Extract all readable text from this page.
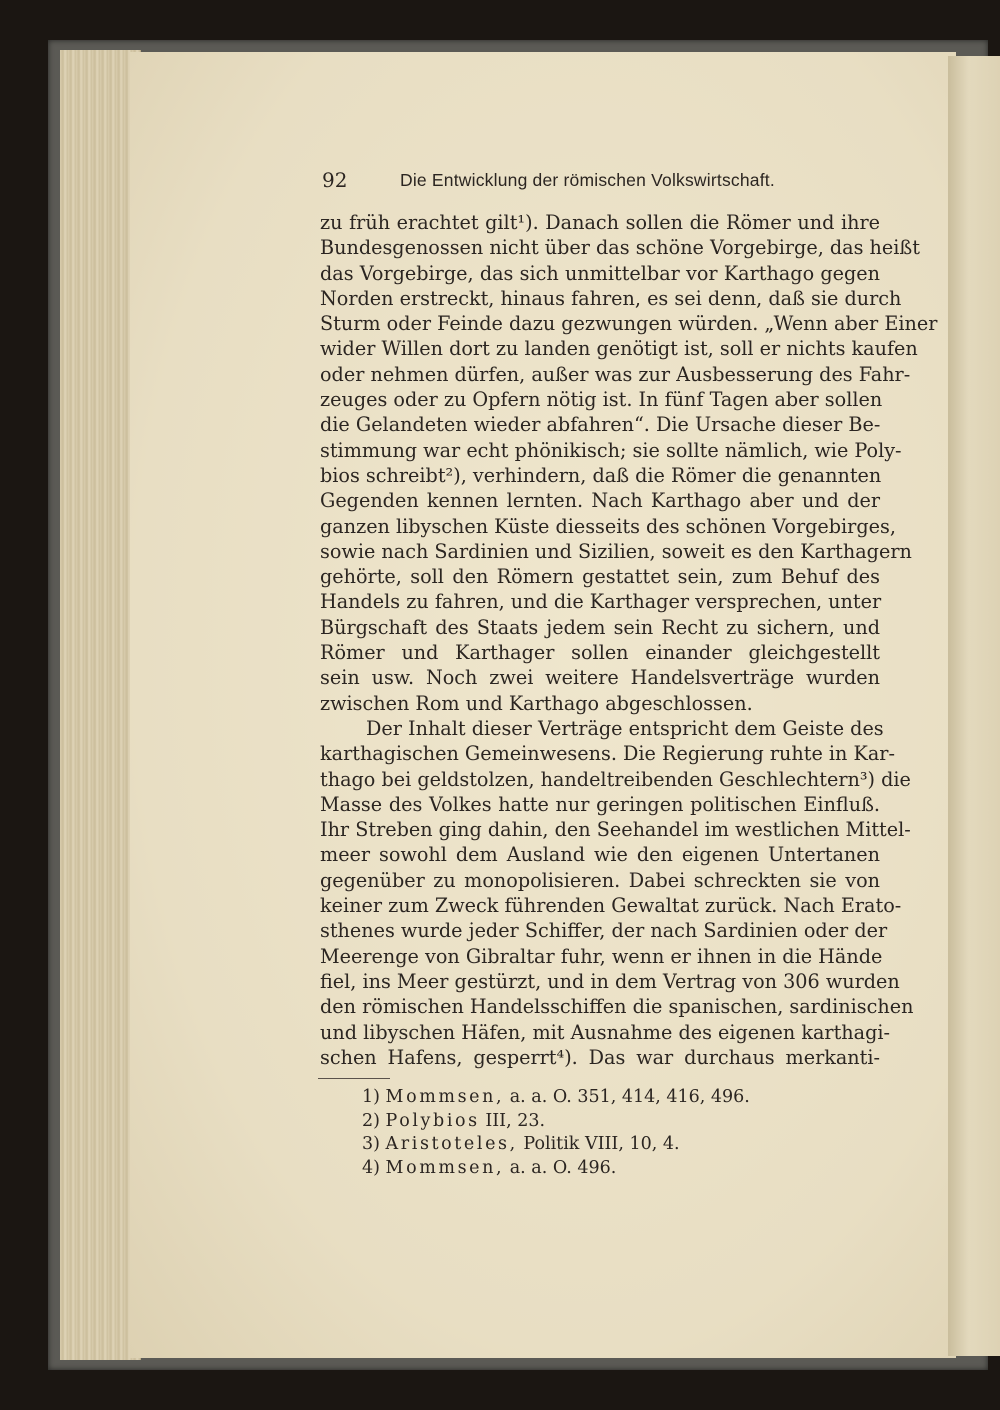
92	Die Entwicklung der römischen Volkswirtschaft.
zu früh erachtet gilt¹). Danach sollen die Römer und ihre
Bundesgenossen nicht über das schöne Vorgebirge, das heißt
das Vorgebirge, das sich unmittelbar vor Karthago gegen
Norden erstreckt, hinaus fahren, es sei denn, daß sie durch
Sturm oder Feinde dazu gezwungen würden. „Wenn aber Einer
wider Willen dort zu landen genötigt ist, soll er nichts kaufen
oder nehmen dürfen, außer was zur Ausbesserung des Fahr-
zeuges oder zu Opfern nötig ist. In fünf Tagen aber sollen
die Gelandeten wieder abfahren“. Die Ursache dieser Be-
stimmung war echt phönikisch; sie sollte nämlich, wie Poly-
bios schreibt²), verhindern, daß die Römer die genannten
Gegenden kennen lernten. Nach Karthago aber und der
ganzen libyschen Küste diesseits des schönen Vorgebirges,
sowie nach Sardinien und Sizilien, soweit es den Karthagern
gehörte, soll den Römern gestattet sein, zum Behuf des
Handels zu fahren, und die Karthager versprechen, unter
Bürgschaft des Staats jedem sein Recht zu sichern, und
Römer und Karthager sollen einander gleichgestellt
sein usw. Noch zwei weitere Handelsverträge wurden
zwischen Rom und Karthago abgeschlossen.
Der Inhalt dieser Verträge entspricht dem Geiste des
karthagischen Gemeinwesens. Die Regierung ruhte in Kar-
thago bei geldstolzen, handeltreibenden Geschlechtern³) die
Masse des Volkes hatte nur geringen politischen Einfluß.
Ihr Streben ging dahin, den Seehandel im westlichen Mittel-
meer sowohl dem Ausland wie den eigenen Untertanen
gegenüber zu monopolisieren. Dabei schreckten sie von
keiner zum Zweck führenden Gewaltat zurück. Nach Erato-
sthenes wurde jeder Schiffer, der nach Sardinien oder der
Meerenge von Gibraltar fuhr, wenn er ihnen in die Hände
fiel, ins Meer gestürzt, und in dem Vertrag von 306 wurden
den römischen Handelsschiffen die spanischen, sardinischen
und libyschen Häfen, mit Ausnahme des eigenen karthagi-
schen Hafens, gesperrt⁴). Das war durchaus merkanti-
1) Mommsen, a. a. O. 351, 414, 416, 496.
2) Polybios III, 23.
3) Aristoteles, Politik VIII, 10, 4.
4) Mommsen, a. a. O. 496.
